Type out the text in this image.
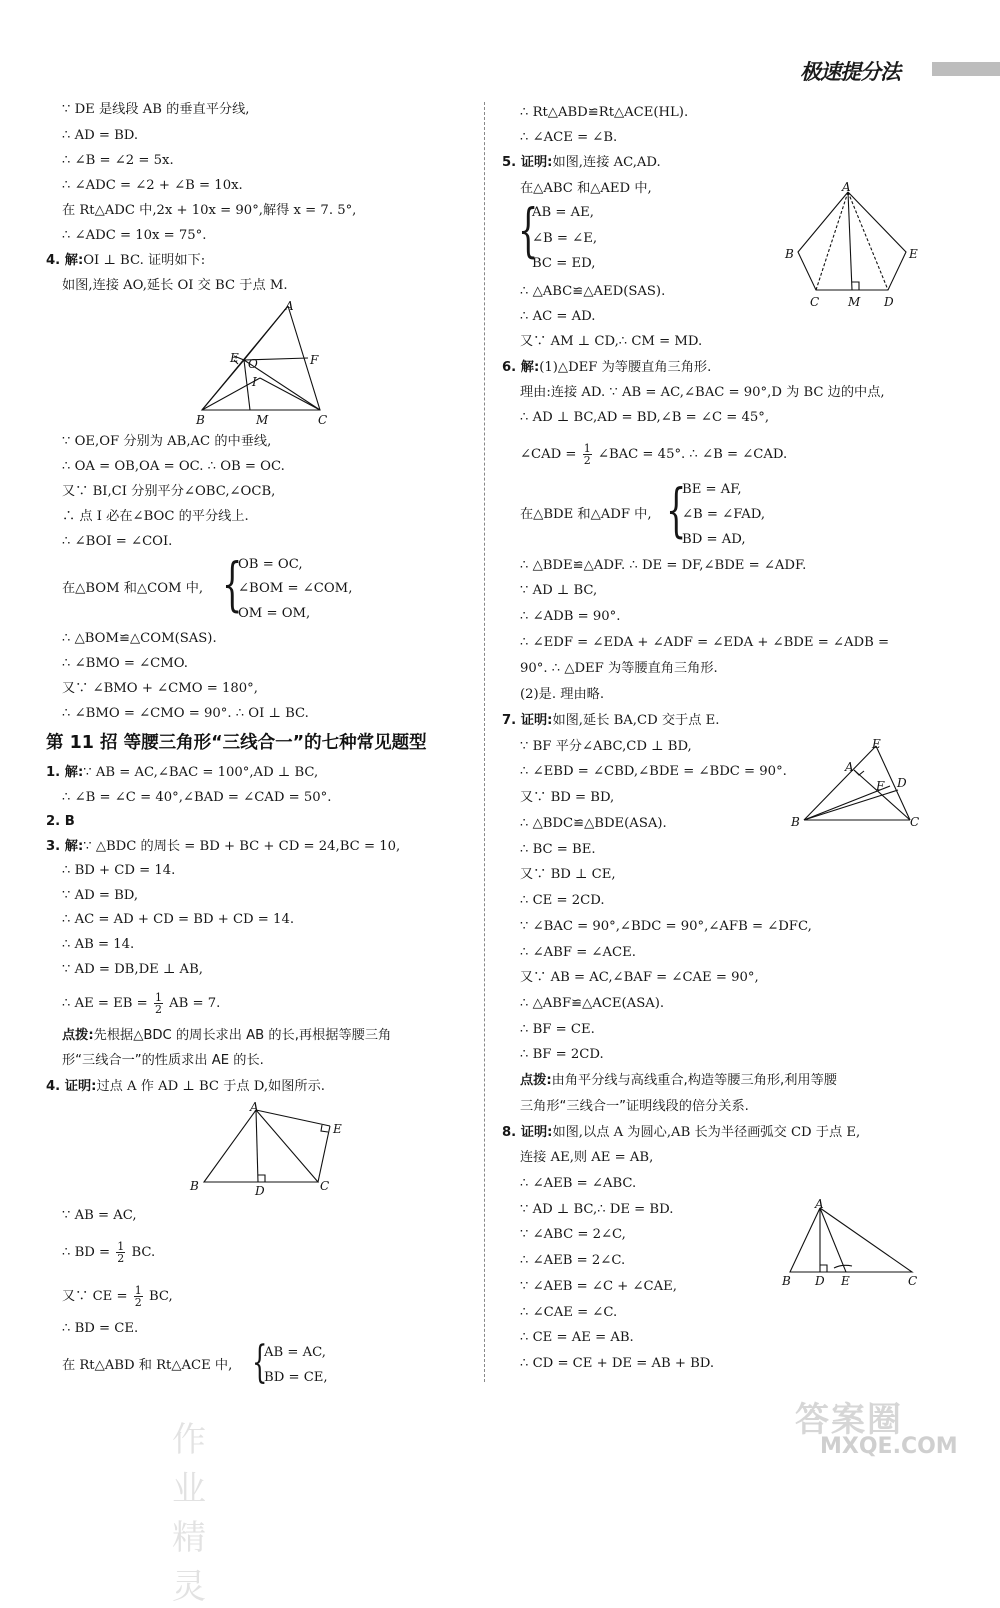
极速提分法
∵ DE 是线段 AB 的垂直平分线,
∴ AD = BD.
∴ ∠B = ∠2 = 5x.
∴ ∠ADC = ∠2 + ∠B = 10x.
在 Rt△ADC 中,2x + 10x = 90°,解得 x = 7. 5°,
∴ ∠ADC = 10x = 75°.
4. 解:OI ⊥ BC. 证明如下:
如图,连接 AO,延长 OI 交 BC 于点 M.
A
E O	F
I
B	M	C
∵ OE,OF 分别为 AB,AC 的中垂线,
∴ OA = OB,OA = OC. ∴ OB = OC.
又∵ BI,CI 分别平分∠OBC,∠OCB,
∴ 点 I 必在∠BOC 的平分线上.
∴ ∠BOI = ∠COI.
在△BOM 和△COM 中, {
OB = OC,
∠BOM = ∠COM,
OM = OM,
∴ △BOM≌△COM(SAS).
∴ ∠BMO = ∠CMO.
又∵ ∠BMO + ∠CMO = 180°,
∴ ∠BMO = ∠CMO = 90°. ∴ OI ⊥ BC.
第 11 招 等腰三角形“三线合一”的七种常见题型
1. 解:∵ AB = AC,∠BAC = 100°,AD ⊥ BC,
∴ ∠B = ∠C = 40°,∠BAD = ∠CAD = 50°.
2. B
3. 解:∵ △BDC 的周长 = BD + BC + CD = 24,BC = 10,
∴ BD + CD = 14.
∵ AD = BD,
∴ AC = AD + CD = BD + CD = 14.
∴ AB = 14.
∵ AD = DB,DE ⊥ AB,
∴ AE = EB = $\frac{1}{2}$ AB = 7.
点拨:先根据△BDC 的周长求出 AB 的长,再根据等腰三角
形“三线合一”的性质求出 AE 的长.
4. 证明:过点 A 作 AD ⊥ BC 于点 D,如图所示.
A
E
B	D	C
∵ AB = AC,
∴ BD = $\frac{1}{2}$ BC.
又∵ CE = $\frac{1}{2}$ BC,
∴ BD = CE.
在 Rt△ABD 和 Rt△ACE 中, {
AB = AC,
BD = CE,
作业精灵
∴ Rt△ABD≌Rt△ACE(HL).
∴ ∠ACE = ∠B.
5. 证明:如图,连接 AC,AD.
在△ABC 和△AED 中,
{
AB = AE,
∠B = ∠E,
BC = ED,
A
B	E
C M D
∴ △ABC≌△AED(SAS).
∴ AC = AD.
又∵ AM ⊥ CD,∴ CM = MD.
6. 解:(1)△DEF 为等腰直角三角形.
理由:连接 AD. ∵ AB = AC,∠BAC = 90°,D 为 BC 边的中点,
∴ AD ⊥ BC,AD = BD,∠B = ∠C = 45°,
∠CAD = $\frac{1}{2}$ ∠BAC = 45°. ∴ ∠B = ∠CAD.
在△BDE 和△ADF 中, {
BE = AF,
∠B = ∠FAD,
BD = AD,
∴ △BDE≌△ADF. ∴ DE = DF,∠BDE = ∠ADF.
∵ AD ⊥ BC,
∴ ∠ADB = 90°.
∴ ∠EDF = ∠EDA + ∠ADF = ∠EDA + ∠BDE = ∠ADB =
90°. ∴ △DEF 为等腰直角三角形.
(2)是. 理由略.
7. 证明:如图,延长 BA,CD 交于点 E.
∵ BF 平分∠ABC,CD ⊥ BD,
∴ ∠EBD = ∠CBD,∠BDE = ∠BDC = 90°.
又∵ BD = BD,
∴ △BDC≌△BDE(ASA).
∴ BC = BE.
又∵ BD ⊥ CE,
∴ CE = 2CD.
∵ ∠BAC = 90°,∠BDC = 90°,∠AFB = ∠DFC,
∴ ∠ABF = ∠ACE.
又∵ AB = AC,∠BAF = ∠CAE = 90°,
∴ △ABF≌△ACE(ASA).
∴ BF = CE.
∴ BF = 2CD.
E
A
F D
B	C
点拨:由角平分线与高线重合,构造等腰三角形,利用等腰
三角形“三线合一”证明线段的倍分关系.
8. 证明:如图,以点 A 为圆心,AB 长为半径画弧交 CD 于点 E,
连接 AE,则 AE = AB,
∴ ∠AEB = ∠ABC.
∵ AD ⊥ BC,∴ DE = BD.
∵ ∠ABC = 2∠C,
∴ ∠AEB = 2∠C.
∵ ∠AEB = ∠C + ∠CAE,
∴ ∠CAE = ∠C.
∴ CE = AE = AB.
∴ CD = CE + DE = AB + BD.
A
B D E	C
答案圈
MXQE.COM
